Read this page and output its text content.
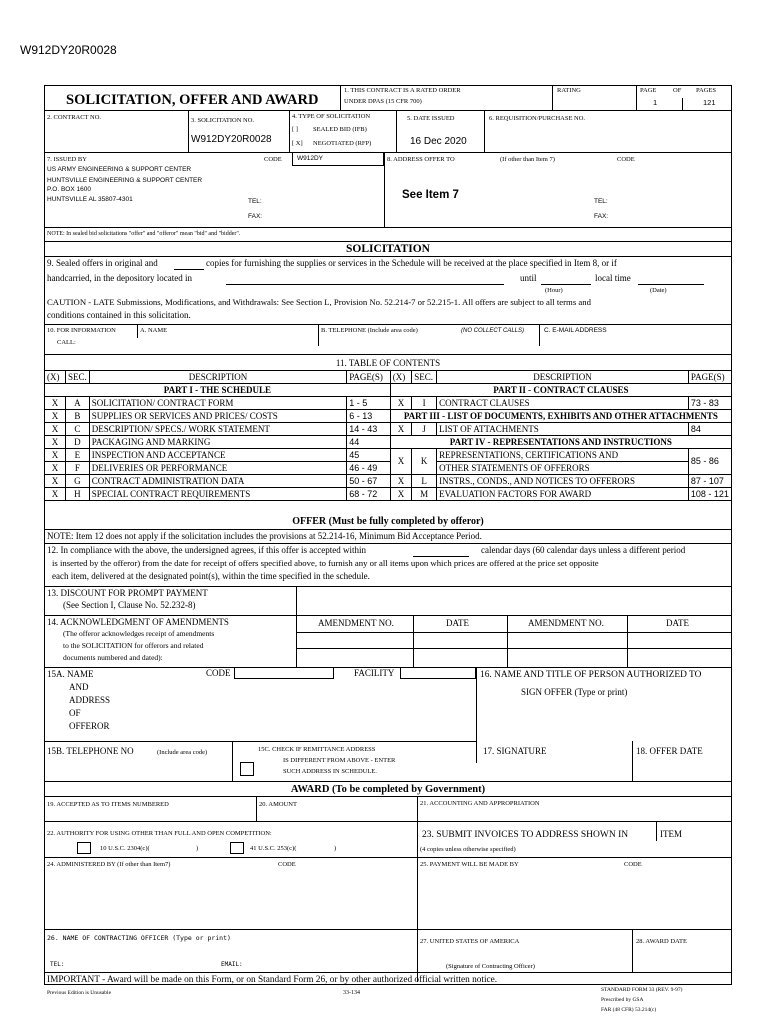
W912DY20R0028
SOLICITATION, OFFER AND AWARD
1. THIS CONTRACT IS A RATED ORDER
UNDER DPAS (15 CFR 700)
RATING	PAGE	OF PAGES
1	121
2. CONTRACT NO.	3. SOLICITATION NO.
W912DY20R0028
4. TYPE OF SOLICITATION
[ ] SEALED BID (IFB)
[ X] NEGOTIATED (RFP)
5. DATE ISSUED
16 Dec 2020
6. REQUISITION/PURCHASE NO.
7. ISSUED BY	CODE W912DY
US ARMY ENGINEERING & SUPPORT CENTER
HUNTSVILLE ENGINEERING & SUPPORT CENTER
P.O. BOX 1600
HUNTSVILLE AL 35807-4301	TEL:
FAX:
8. ADDRESS OFFER TO	(If other than Item 7)	CODE
See Item 7
TEL:
FAX:
NOTE: In sealed bid solicitations "offer" and "offeror" mean "bid" and "bidder".
SOLICITATION
9. Sealed offers in original and	copies for furnishing the supplies or services in the Schedule will be received at the place specified in Item 8, or if
handcarried, in the depository located in	until	local time
(Hour)	(Date)
CAUTION - LATE Submissions, Modifications, and Withdrawals: See Section L, Provision No. 52.214-7 or 52.215-1. All offers are subject to all terms and
conditions contained in this solicitation.
10. FOR INFORMATION
CALL:
A. NAME	B. TELEPHONE (Include area code)	(NO COLLECT CALLS)	C. E-MAIL ADDRESS
11. TABLE OF CONTENTS
(X)	SEC.	DESCRIPTION	PAGE(S)	(X)	SEC.	DESCRIPTION	PAGE(S)
PART I - THE SCHEDULE				PART II - CONTRACT CLAUSES			
X	A	SOLICITATION/ CONTRACT FORM	1 - 5	X	I	CONTRACT CLAUSES	73 - 83
X	B	SUPPLIES OR SERVICES AND PRICES/ COSTS	6 - 13	PART III - LIST OF DOCUMENTS, EXHIBITS AND OTHER ATTACHMENTS			
X	C	DESCRIPTION/ SPECS./ WORK STATEMENT	14 - 43	X	J	LIST OF ATTACHMENTS	84
X	D	PACKAGING AND MARKING	44	PART IV - REPRESENTATIONS AND INSTRUCTIONS			
X	E	INSPECTION AND ACCEPTANCE	45	X	K	REPRESENTATIONS, CERTIFICATIONS AND	85 - 86
X	F	DELIVERIES OR PERFORMANCE	46 - 49			OTHER STATEMENTS OF OFFERORS	
X	G	CONTRACT ADMINISTRATION DATA	50 - 67	X	L	INSTRS., CONDS., AND NOTICES TO OFFERORS	87 - 107
X	H	SPECIAL CONTRACT REQUIREMENTS	68 - 72	X	M	EVALUATION FACTORS FOR AWARD	108 - 121
OFFER (Must be fully completed by offeror)
NOTE: Item 12 does not apply if the solicitation includes the provisions at 52.214-16, Minimum Bid Acceptance Period.
12. In compliance with the above, the undersigned agrees, if this offer is accepted within	calendar days (60 calendar days unless a different period
is inserted by the offeror) from the date for receipt of offers specified above, to furnish any or all items upon which prices are offered at the price set opposite
each item, delivered at the designated point(s), within the time specified in the schedule.
13. DISCOUNT FOR PROMPT PAYMENT
(See Section I, Clause No. 52.232-8)
14. ACKNOWLEDGMENT OF AMENDMENTS
(The offeror acknowledges receipt of amendments
to the SOLICITATION for offerors and related
documents numbered and dated):
AMENDMENT NO.	DATE	AMENDMENT NO.	DATE
15A. NAME
AND
ADDRESS
OF
OFFEROR
CODE	FACILITY	16. NAME AND TITLE OF PERSON AUTHORIZED TO
SIGN OFFER (Type or print)
15B. TELEPHONE NO	(Include area code)	15C. CHECK IF REMITTANCE ADDRESS
IS DIFFERENT FROM ABOVE - ENTER
SUCH ADDRESS IN SCHEDULE.
17. SIGNATURE	18. OFFER DATE
AWARD (To be completed by Government)
19. ACCEPTED AS TO ITEMS NUMBERED	20. AMOUNT	21. ACCOUNTING AND APPROPRIATION
22. AUTHORITY FOR USING OTHER THAN FULL AND OPEN COMPETITION:
10 U.S.C. 2304(c)(	)	41 U.S.C. 253(c)(	)
23. SUBMIT INVOICES TO ADDRESS SHOWN IN	ITEM
(4 copies unless otherwise specified)
24. ADMINISTERED BY (If other than Item7)	CODE	25. PAYMENT WILL BE MADE BY	CODE
26. NAME OF CONTRACTING OFFICER (Type or print)
TEL:	EMAIL:
27. UNITED STATES OF AMERICA
(Signature of Contracting Officer)
28. AWARD DATE
IMPORTANT - Award will be made on this Form, or on Standard Form 26, or by other authorized official written notice.
Previous Edition is Unusable	33-134	STANDARD FORM 33 (REV. 9-97)
Prescribed by GSA
FAR (48 CFR) 53.214(c)
